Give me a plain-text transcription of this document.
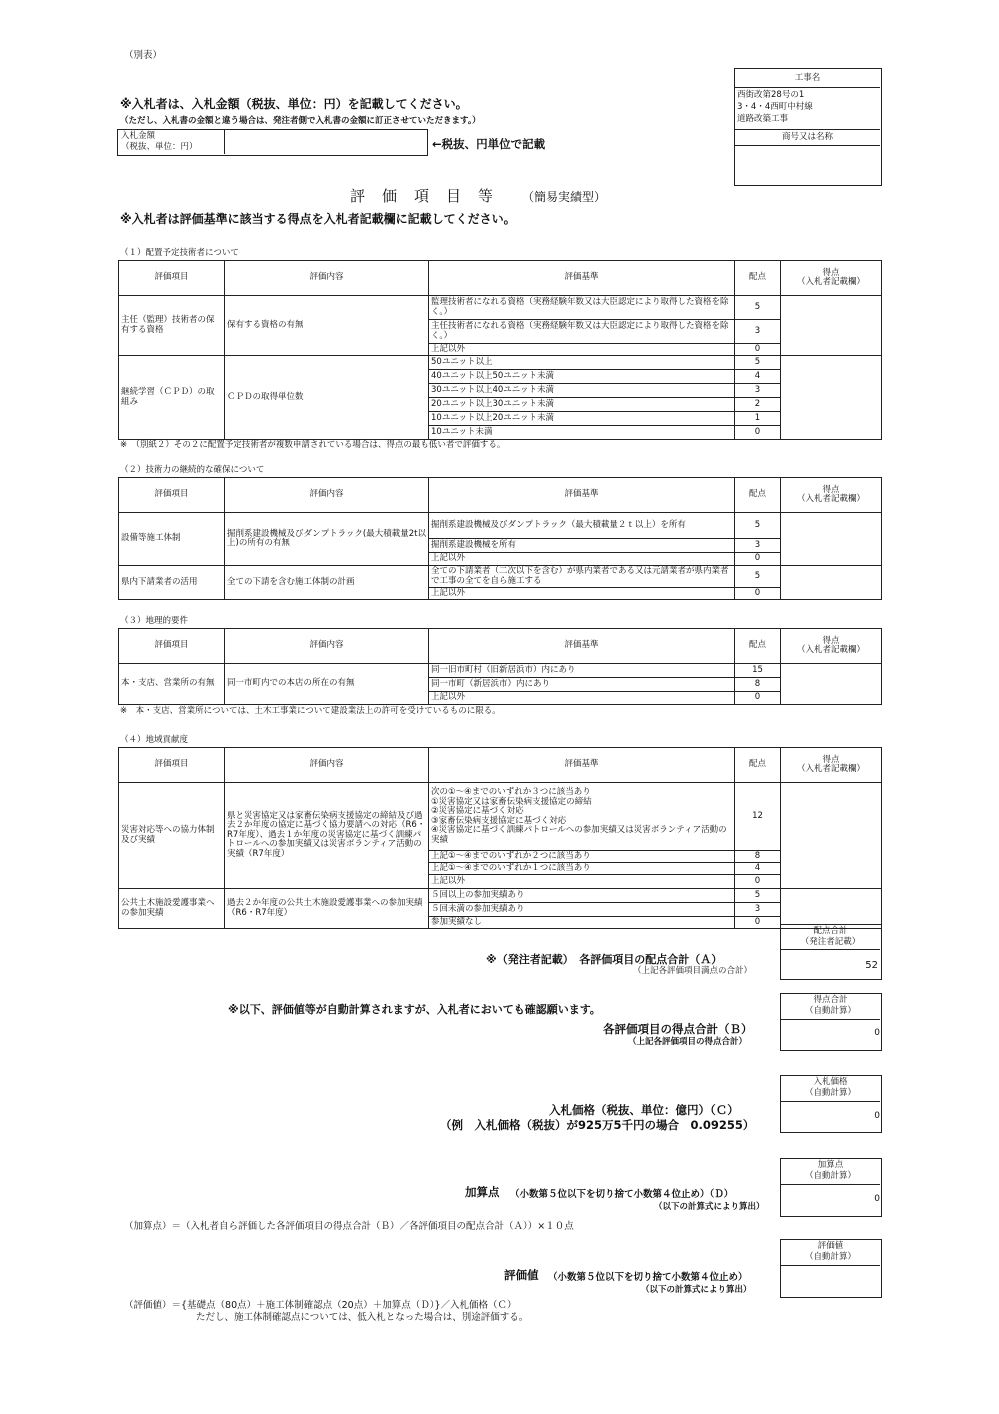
（別表）
※入札者は、入札金額（税抜、単位：円）を記載してください。
（ただし、入札書の金額と違う場合は、発注者側で入札書の金額に訂正させていただきます。）
入札金額
（税抜、単位：円）	←税抜、円単位で記載
工事名
西街改第28号の1
3・4・4西町中村線
道路改築工事
商号又は名称
評　価　項　目　等 （簡易実績型）
※入札者は評価基準に該当する得点を入札者記載欄に記載してください。
（１）配置予定技術者について
評価項目	評価内容	評価基準	配点	得点
（入札者記載欄）

主任（監理）技術者の保有する資格	保有する資格の有無	監理技術者になれる資格（実務経験年数又は大臣認定により取得した資格を除く。）	5	
		主任技術者になれる資格（実務経験年数又は大臣認定により取得した資格を除く。）	3	
		上記以外	0	
継続学習（ＣＰＤ）の取組み	ＣＰＤの取得単位数	50ユニット以上	5	
		40ユニット以上50ユニット未満	4	
		30ユニット以上40ユニット未満	3	
		20ユニット以上30ユニット未満	2	
		10ユニット以上20ユニット未満	1	
		10ユニット未満	0	
※　（別紙２）その２に配置予定技術者が複数申請されている場合は、得点の最も低い者で評価する。
（２）技術力の継続的な確保について
評価項目	評価内容	評価基準	配点	得点
（入札者記載欄）

設備等施工体制	掘削系建設機械及びダンプトラック(最大積載量2t以上)の所有の有無	掘削系建設機械及びダンプトラック（最大積載量２ｔ以上）を所有	5	
		掘削系建設機械を所有	3	
		上記以外	0	
県内下請業者の活用	全ての下請を含む施工体制の計画	全ての下請業者（二次以下を含む）が県内業者である又は元請業者が県内業者で工事の全てを自ら施工する	5	
		上記以外	0	
（３）地理的要件
評価項目	評価内容	評価基準	配点	得点
（入札者記載欄）

本・支店、営業所の有無	同一市町内での本店の所在の有無	同一旧市町村（旧新居浜市）内にあり	15	
		同一市町（新居浜市）内にあり	8	
		上記以外	0	
※　本・支店、営業所については、土木工事業について建設業法上の許可を受けているものに限る。
（４）地域貢献度
評価項目	評価内容	評価基準	配点	得点
（入札者記載欄）

災害対応等への協力体制及び実績	県と災害協定又は家畜伝染病支援協定の締結及び過去２か年度の協定に基づく協力要請への対応（R6・R7年度）、過去１か年度の災害協定に基づく訓練パトロールへの参加実績又は災害ボランティア活動の実績（R7年度）	次の①～④までのいずれか３つに該当あり
①災害協定又は家畜伝染病支援協定の締結
②災害協定に基づく対応
③家畜伝染病支援協定に基づく対応
④災害協定に基づく訓練パトロールへの参加実績又は災害ボランティア活動の実績	12	
		上記①～④までのいずれか２つに該当あり	8	
		上記①～④までのいずれか１つに該当あり	4	
		上記以外	0	
公共土木施設愛護事業への参加実績	過去２か年度の公共土木施設愛護事業への参加実績（R6・R7年度）	５回以上の参加実績あり	5	
		５回未満の参加実績あり	3	
		参加実績なし	0	
配点合計
（発注者記載）
52
※（発注者記載）　各評価項目の配点合計（Ａ）
（上記各評価項目満点の合計）
※以下、評価値等が自動計算されますが、入札者においても確認願います。
得点合計
（自動計算）
0
各評価項目の得点合計（Ｂ）
（上記各評価項目の得点合計）
入札価格
（自動計算）
0
入札価格（税抜、単位：億円）（Ｃ）
（例　入札価格（税抜）が925万5千円の場合　0.09255）
加算点
（自動計算）
0
加算点 （小数第５位以下を切り捨て小数第４位止め）（Ｄ）
（以下の計算式により算出）
（加算点）＝（入札者自ら評価した各評価項目の得点合計（Ｂ）／各評価項目の配点合計（Ａ））×１０点
評価値
（自動計算）
評価値 （小数第５位以下を切り捨て小数第４位止め）
（以下の計算式により算出）
（評価値）＝{基礎点（80点）＋施工体制確認点（20点）＋加算点（Ｄ）}／入札価格（Ｃ）
ただし、施工体制確認点については、低入札となった場合は、別途評価する。
